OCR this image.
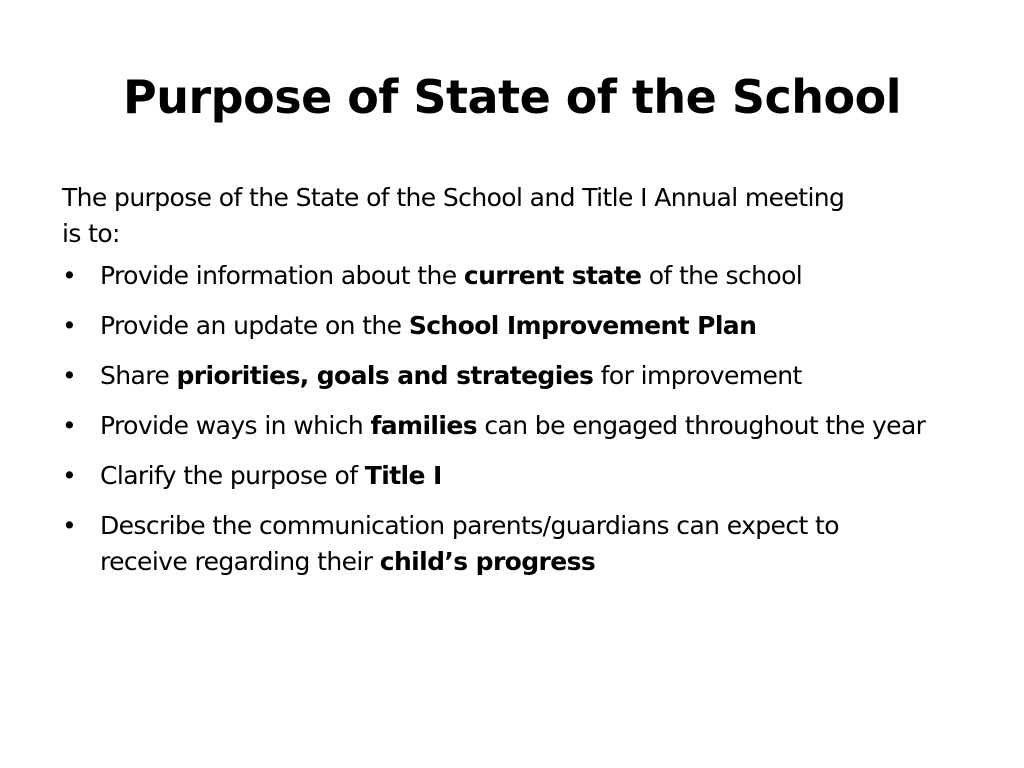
Purpose of State of the School

The purpose of the State of the School and Title I Annual meeting is to:

• Provide information about the current state of the school
• Provide an update on the School Improvement Plan
• Share priorities, goals and strategies for improvement
• Provide ways in which families can be engaged throughout the year
• Clarify the purpose of Title I
• Describe the communication parents/guardians can expect to receive regarding their child’s progress
